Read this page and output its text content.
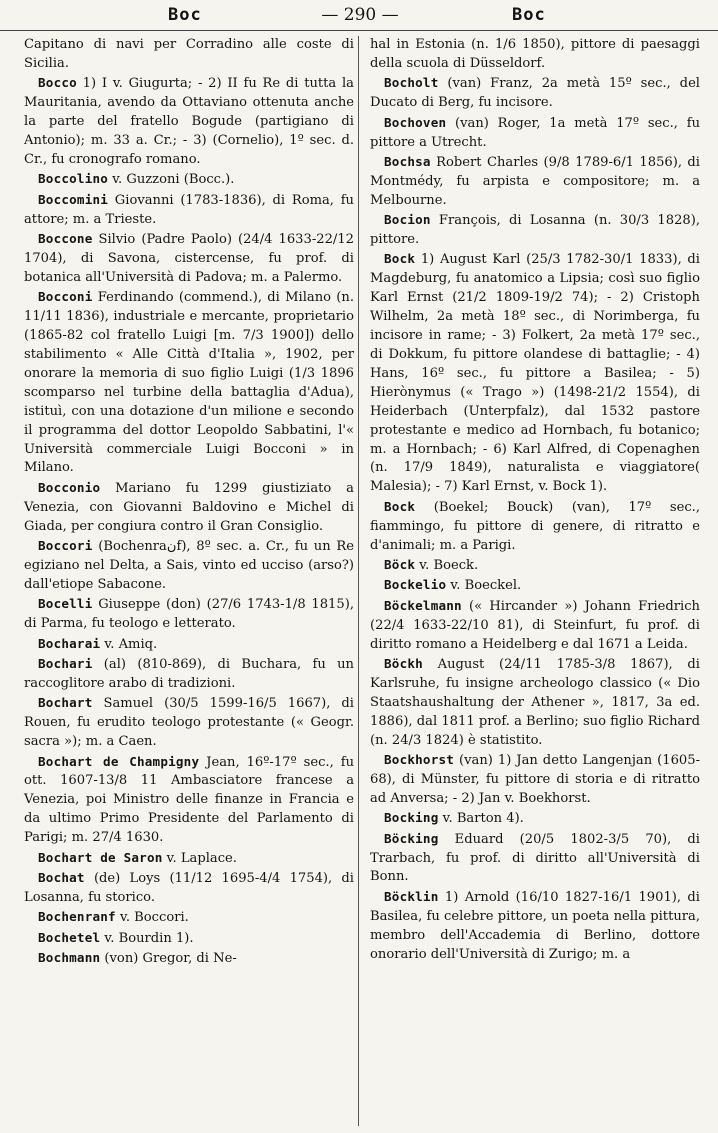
Boc	— 290 —	Boc

Capitano di navi per Corradino alle coste di Sicilia.

Bocco 1) I v. Giugurta; - 2) II fu Re di tutta la Mauritania, avendo da Ottaviano ottenuta anche la parte del fratello Bogude (partigiano di Antonio); m. 33 a. Cr.; - 3) (Cornelio), 1º sec. d. Cr., fu cronografo romano.

Boccolino v. Guzzoni (Bocc.).

Boccomini Giovanni (1783-1836), di Roma, fu attore; m. a Trieste.

Boccone Silvio (Padre Paolo) (24/4 1633-22/12 1704), di Savona, cistercense, fu prof. di botanica all'Università di Padova; m. a Palermo.

Bocconi Ferdinando (commend.), di Milano (n. 11/11 1836), industriale e mercante, proprietario (1865-82 col fratello Luigi [m. 7/3 1900]) dello stabilimento « Alle Città d'Italia », 1902, per onorare la memoria di suo figlio Luigi (1/3 1896 scomparso nel turbine della battaglia d'Adua), istituì, con una dotazione d'un milione e secondo il programma del dottor Leopoldo Sabbatini, l'« Università commerciale Luigi Bocconi » in Milano.

Bocconio Mariano fu 1299 giustiziato a Venezia, con Giovanni Baldovino e Michel di Giada, per congiura contro il Gran Consiglio.

Boccori (Bochenraنf), 8º sec. a. Cr., fu un Re egiziano nel Delta, a Sais, vinto ed ucciso (arso?) dall'etiope Sabacone.

Bocelli Giuseppe (don) (27/6 1743-1/8 1815), di Parma, fu teologo e letterato.

Bocharai v. Amiq.

Bochari (al) (810-869), di Buchara, fu un raccoglitore arabo di tradizioni.

Bochart Samuel (30/5 1599-16/5 1667), di Rouen, fu erudito teologo protestante (« Geogr. sacra »); m. a Caen.

Bochart de Champigny Jean, 16º-17º sec., fu ott. 1607-13/8 11 Ambasciatore francese a Venezia, poi Ministro delle finanze in Francia e da ultimo Primo Presidente del Parlamento di Parigi; m. 27/4 1630.

Bochart de Saron v. Laplace.

Bochat (de) Loys (11/12 1695-4/4 1754), di Losanna, fu storico.

Bochenranf v. Boccori.

Bochetel v. Bourdin 1).

Bochmann (von) Gregor, di Ne-

hal in Estonia (n. 1/6 1850), pittore di paesaggi della scuola di Düsseldorf.

Bocholt (van) Franz, 2a metà 15º sec., del Ducato di Berg, fu incisore.

Bochoven (van) Roger, 1a metà 17º sec., fu pittore a Utrecht.

Bochsa Robert Charles (9/8 1789-6/1 1856), di Montmédy, fu arpista e compositore; m. a Melbourne.

Bocion François, di Losanna (n. 30/3 1828), pittore.

Bock 1) August Karl (25/3 1782-30/1 1833), di Magdeburg, fu anatomico a Lipsia; così suo figlio Karl Ernst (21/2 1809-19/2 74); - 2) Cristoph Wilhelm, 2a metà 18º sec., di Norimberga, fu incisore in rame; - 3) Folkert, 2a metà 17º sec., di Dokkum, fu pittore olandese di battaglie; - 4) Hans, 16º sec., fu pittore a Basilea; - 5) Hierònymus (« Trago ») (1498-21/2 1554), di Heiderbach (Unterpfalz), dal 1532 pastore protestante e medico ad Hornbach, fu botanico; m. a Hornbach; - 6) Karl Alfred, di Copenaghen (n. 17/9 1849), naturalista e viaggiatore( Malesia); - 7) Karl Ernst, v. Bock 1).

Bock (Boekel; Bouck) (van), 17º sec., fiammingo, fu pittore di genere, di ritratto e d'animali; m. a Parigi.

Böck v. Boeck.

Bockelio v. Boeckel.

Böckelmann (« Hircander ») Johann Friedrich (22/4 1633-22/10 81), di Steinfurt, fu prof. di diritto romano a Heidelberg e dal 1671 a Leida.

Böckh August (24/11 1785-3/8 1867), di Karlsruhe, fu insigne archeologo classico (« Dio Staatshaushaltung der Athener », 1817, 3a ed. 1886), dal 1811 prof. a Berlino; suo figlio Richard (n. 24/3 1824) è statistito.

Bockhorst (van) 1) Jan detto Langenjan (1605-68), di Münster, fu pittore di storia e di ritratto ad Anversa; - 2) Jan v. Boekhorst.

Bocking v. Barton 4).

Böcking Eduard (20/5 1802-3/5 70), di Trarbach, fu prof. di diritto all'Università di Bonn.

Böcklin 1) Arnold (16/10 1827-16/1 1901), di Basilea, fu celebre pittore, un poeta nella pittura, membro dell'Accademia di Berlino, dottore onorario dell'Università di Zurigo; m. a
